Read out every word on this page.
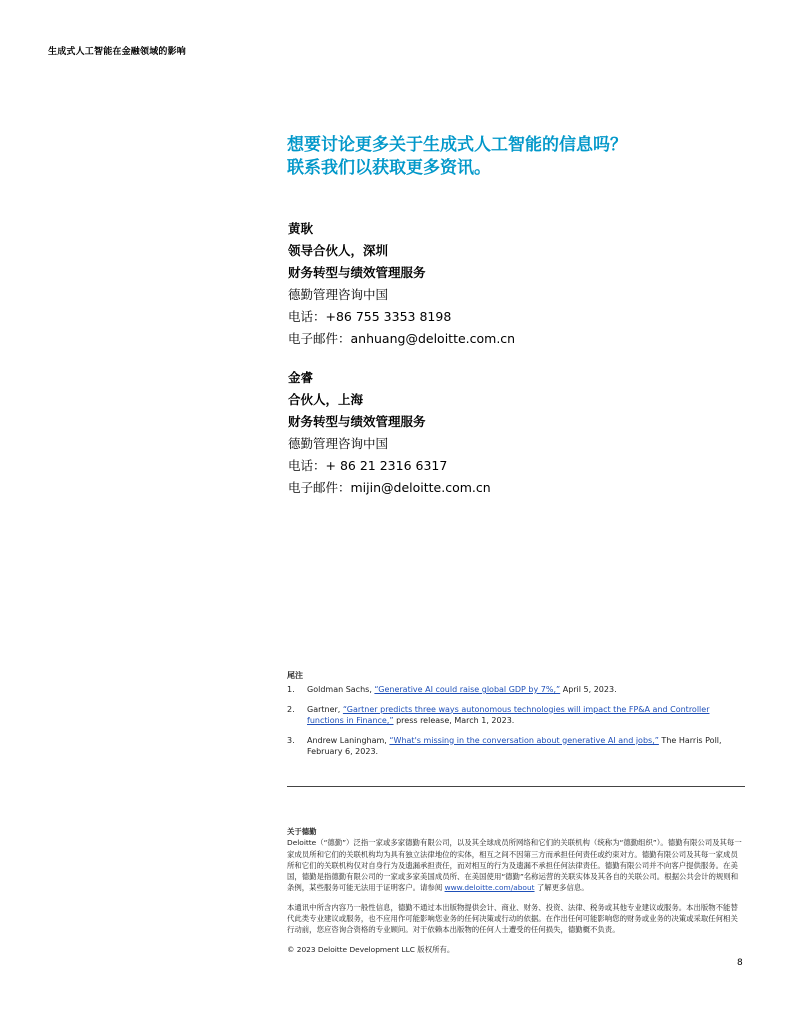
生成式人工智能在金融领域的影响
想要讨论更多关于生成式人工智能的信息吗？
联系我们以获取更多资讯。
黄耿
领导合伙人，深圳
财务转型与绩效管理服务
德勤管理咨询中国
电话：+86 755 3353 8198
电子邮件：anhuang@deloitte.com.cn
金睿
合伙人，上海
财务转型与绩效管理服务
德勤管理咨询中国
电话：+ 86 21 2316 6317
电子邮件：mijin@deloitte.com.cn
尾注
1.	Goldman Sachs, “Generative AI could raise global GDP by 7%,” April 5, 2023.
2.	Gartner, “Gartner predicts three ways autonomous technologies will impact the FP&A and Controller functions in Finance,” press release, March 1, 2023.
3.	Andrew Laningham, “What's missing in the conversation about generative AI and jobs,” The Harris Poll, February 6, 2023.
关于德勤

Deloitte（“德勤”）泛指一家或多家德勤有限公司，以及其全球成员所网络和它们的关联机构（统称为“德勤组织”）。德勤有限公司及其每一家成员所和它们的关联机构均为具有独立法律地位的实体，相互之间不因第三方而承担任何责任或约束对方。德勤有限公司及其每一家成员所和它们的关联机构仅对自身行为及遗漏承担责任，而对相互的行为及遗漏不承担任何法律责任。德勤有限公司并不向客户提供服务。在美国，德勤是指德勤有限公司的一家或多家美国成员所、在美国使用“德勤”名称运营的关联实体及其各自的关联公司。根据公共会计的规则和条例，某些服务可能无法用于证明客户。请参阅 www.deloitte.com/about 了解更多信息。

本通讯中所含内容乃一般性信息，德勤不通过本出版物提供会计、商业、财务、投资、法律、税务或其他专业建议或服务。本出版物不能替代此类专业建议或服务，也不应用作可能影响您业务的任何决策或行动的依据。在作出任何可能影响您的财务或业务的决策或采取任何相关行动前，您应咨询合资格的专业顾问。对于依赖本出版物的任何人士遭受的任何损失，德勤概不负责。

© 2023 Deloitte Development LLC 版权所有。

8
